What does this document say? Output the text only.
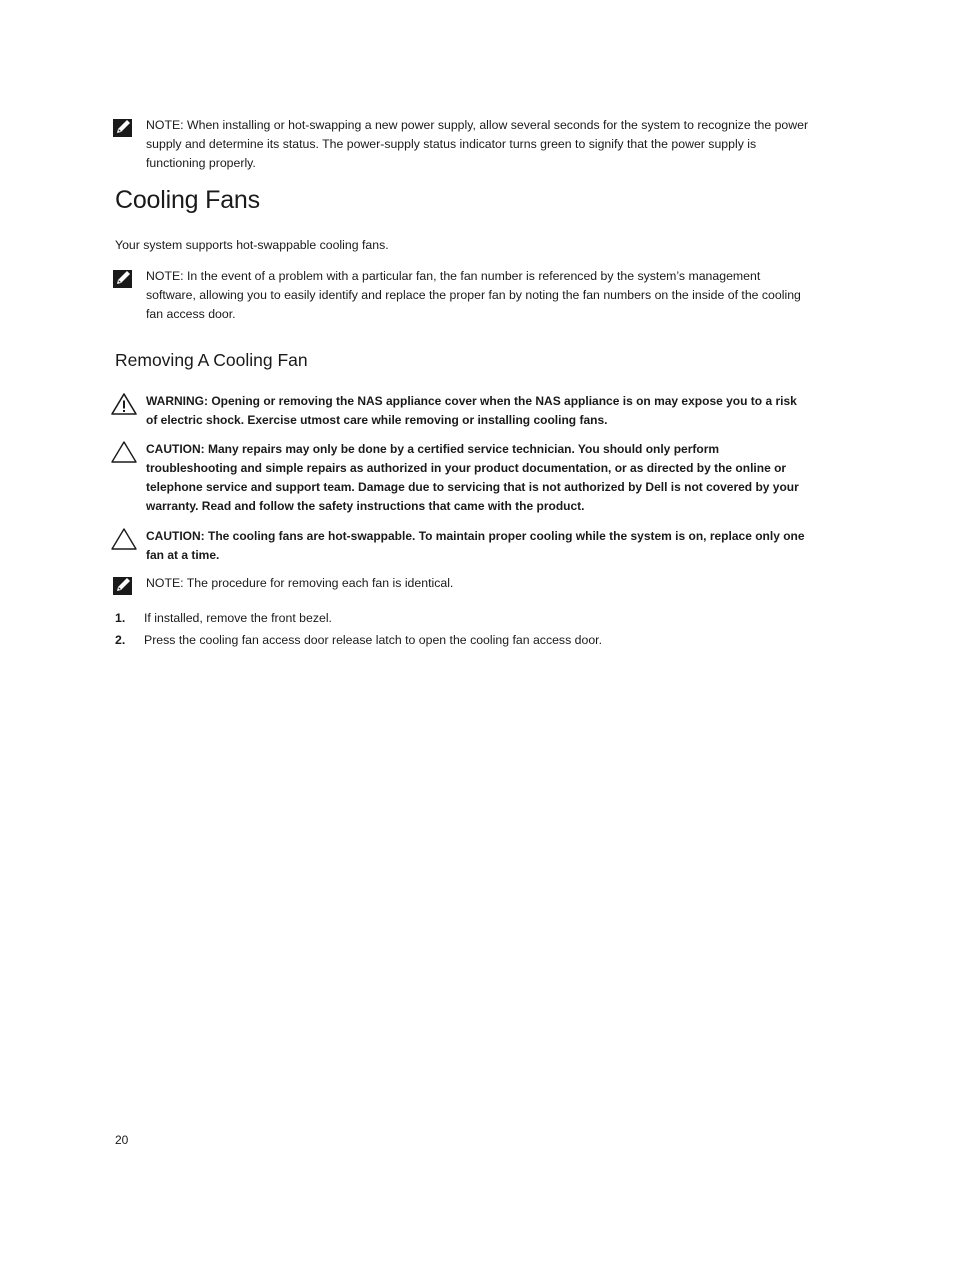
NOTE: When installing or hot-swapping a new power supply, allow several seconds for the system to recognize the power supply and determine its status. The power-supply status indicator turns green to signify that the power supply is functioning properly.
Cooling Fans
Your system supports hot-swappable cooling fans.
NOTE: In the event of a problem with a particular fan, the fan number is referenced by the system’s management software, allowing you to easily identify and replace the proper fan by noting the fan numbers on the inside of the cooling fan access door.
Removing A Cooling Fan
WARNING: Opening or removing the NAS appliance cover when the NAS appliance is on may expose you to a risk of electric shock. Exercise utmost care while removing or installing cooling fans.
CAUTION: Many repairs may only be done by a certified service technician. You should only perform troubleshooting and simple repairs as authorized in your product documentation, or as directed by the online or telephone service and support team. Damage due to servicing that is not authorized by Dell is not covered by your warranty. Read and follow the safety instructions that came with the product.
CAUTION: The cooling fans are hot-swappable. To maintain proper cooling while the system is on, replace only one fan at a time.
NOTE: The procedure for removing each fan is identical.
1. If installed, remove the front bezel.
2. Press the cooling fan access door release latch to open the cooling fan access door.
20
